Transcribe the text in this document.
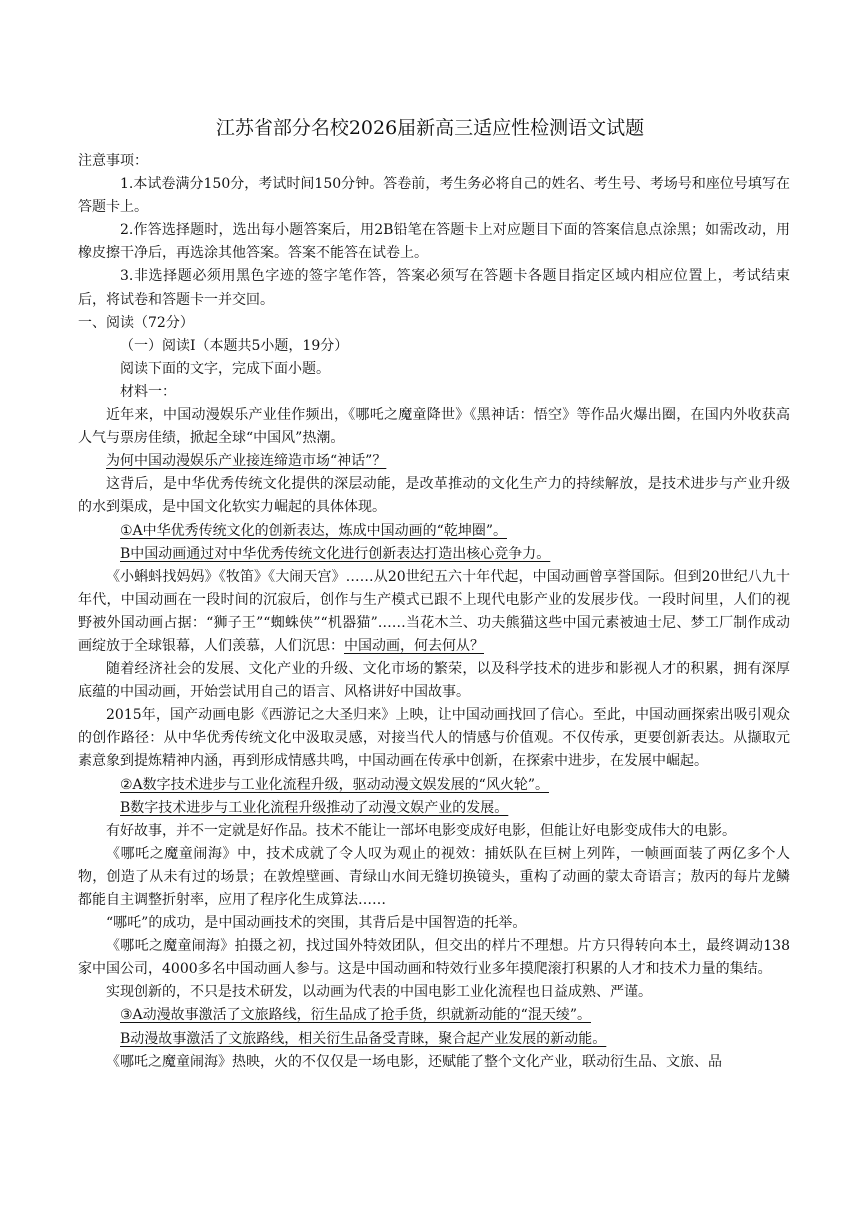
江苏省部分名校2026届新高三适应性检测语文试题

注意事项：

1.本试卷满分150分，考试时间150分钟。答卷前，考生务必将自己的姓名、考生号、考场号和座位号填写在答题卡上。

2.作答选择题时，选出每小题答案后，用2B铅笔在答题卡上对应题目下面的答案信息点涂黑；如需改动，用橡皮擦干净后，再选涂其他答案。答案不能答在试卷上。

3.非选择题必须用黑色字迹的签字笔作答，答案必须写在答题卡各题目指定区域内相应位置上，考试结束后，将试卷和答题卡一并交回。

一、阅读（72分）

（一）阅读Ⅰ（本题共5小题，19分）

阅读下面的文字，完成下面小题。

材料一：

近年来，中国动漫娱乐产业佳作频出，《哪吒之魔童降世》《黑神话：悟空》等作品火爆出圈，在国内外收获高人气与票房佳绩，掀起全球“中国风”热潮。

为何中国动漫娱乐产业接连缔造市场“神话”？

这背后，是中华优秀传统文化提供的深层动能，是改革推动的文化生产力的持续解放，是技术进步与产业升级的水到渠成，是中国文化软实力崛起的具体体现。

①A中华优秀传统文化的创新表达，炼成中国动画的“乾坤圈”。

B中国动画通过对中华优秀传统文化进行创新表达打造出核心竞争力。

《小蝌蚪找妈妈》《牧笛》《大闹天宫》……从20世纪五六十年代起，中国动画曾享誉国际。但到20世纪八九十年代，中国动画在一段时间的沉寂后，创作与生产模式已跟不上现代电影产业的发展步伐。一段时间里，人们的视野被外国动画占据：“狮子王”“蜘蛛侠”“机器猫”……当花木兰、功夫熊猫这些中国元素被迪士尼、梦工厂制作成动画绽放于全球银幕，人们羡慕，人们沉思：中国动画，何去何从？

随着经济社会的发展、文化产业的升级、文化市场的繁荣，以及科学技术的进步和影视人才的积累，拥有深厚底蕴的中国动画，开始尝试用自己的语言、风格讲好中国故事。

2015年，国产动画电影《西游记之大圣归来》上映，让中国动画找回了信心。至此，中国动画探索出吸引观众的创作路径：从中华优秀传统文化中汲取灵感，对接当代人的情感与价值观。不仅传承，更要创新表达。从撷取元素意象到提炼精神内涵，再到形成情感共鸣，中国动画在传承中创新，在探索中进步，在发展中崛起。

②A数字技术进步与工业化流程升级，驱动动漫文娱发展的“风火轮”。

B数字技术进步与工业化流程升级推动了动漫文娱产业的发展。

有好故事，并不一定就是好作品。技术不能让一部坏电影变成好电影，但能让好电影变成伟大的电影。

《哪吒之魔童闹海》中，技术成就了令人叹为观止的视效：捕妖队在巨树上列阵，一帧画面装了两亿多个人物，创造了从未有过的场景；在敦煌壁画、青绿山水间无缝切换镜头，重构了动画的蒙太奇语言；敖丙的每片龙鳞都能自主调整折射率，应用了程序化生成算法……

“哪吒”的成功，是中国动画技术的突围，其背后是中国智造的托举。

《哪吒之魔童闹海》拍摄之初，找过国外特效团队，但交出的样片不理想。片方只得转向本土，最终调动138家中国公司，4000多名中国动画人参与。这是中国动画和特效行业多年摸爬滚打积累的人才和技术力量的集结。

实现创新的，不只是技术研发，以动画为代表的中国电影工业化流程也日益成熟、严谨。

③A动漫故事激活了文旅路线，衍生品成了抢手货，织就新动能的“混天绫”。

B动漫故事激活了文旅路线，相关衍生品备受青睐，聚合起产业发展的新动能。

《哪吒之魔童闹海》热映，火的不仅仅是一场电影，还赋能了整个文化产业，联动衍生品、文旅、品
